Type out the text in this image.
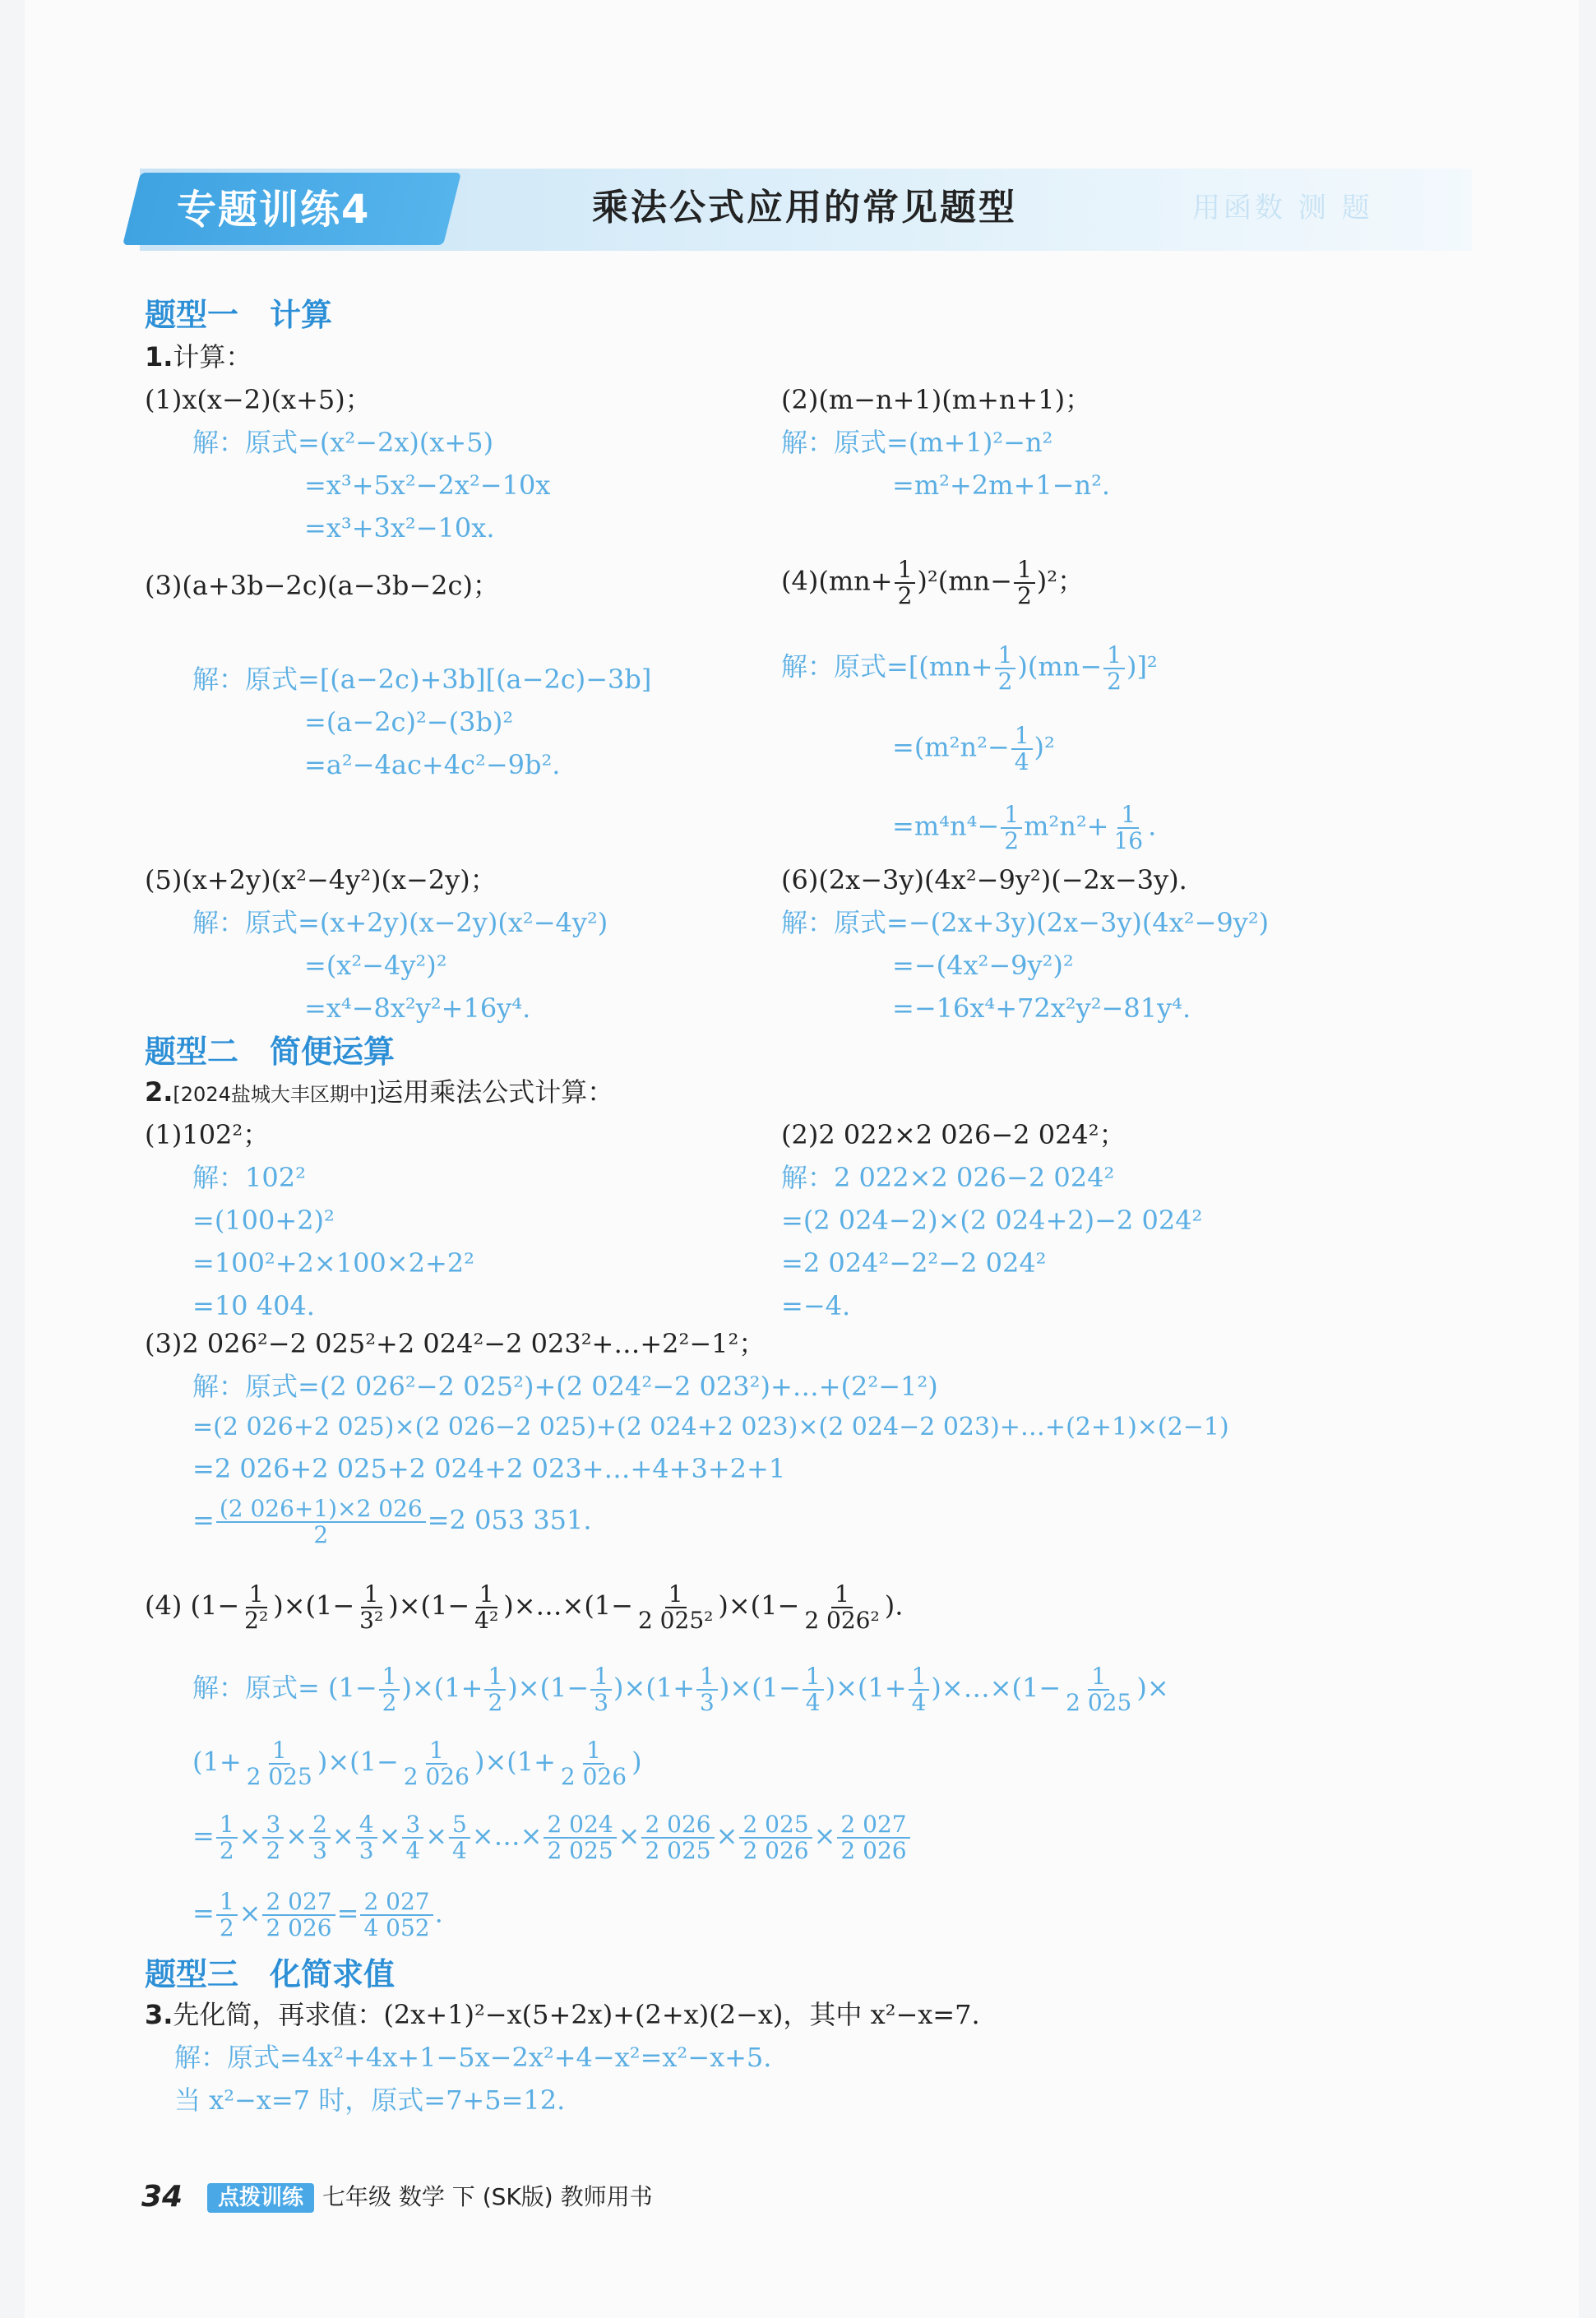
专题训练4	乘法公式应用的常见题型	用函数 测 题
题型一　计算
1.计算：
(1)x(x−2)(x+5)；
解：原式=(x²−2x)(x+5)
=x³+5x²−2x²−10x
=x³+3x²−10x.
(2)(m−n+1)(m+n+1)；
解：原式=(m+1)²−n²
=m²+2m+1−n².
(3)(a+3b−2c)(a−3b−2c)；
解：原式=[(a−2c)+3b][(a−2c)−3b]
=(a−2c)²−(3b)²
=a²−4ac+4c²−9b².
$(4)(mn+ \frac{1}{2} )^2(mn- \frac{1}{2} )^2$；
解：原式$=[(mn+ \frac{1}{2} )(mn- \frac{1}{2} )]^2$
$=(m^2n^2- \frac{1}{4} )^2$
$=m^4n^4- \frac{1}{2} m^2n^2+ \frac{1}{16}$ .
(5)(x+2y)(x²−4y²)(x−2y)；
解：原式=(x+2y)(x−2y)(x²−4y²)
=(x²−4y²)²
=x⁴−8x²y²+16y⁴.
(6)(2x−3y)(4x²−9y²)(−2x−3y).
解：原式=−(2x+3y)(2x−3y)(4x²−9y²)
=−(4x²−9y²)²
=−16x⁴+72x²y²−81y⁴.
题型二　简便运算
2.[2024盐城大丰区期中]运用乘法公式计算：
(1)102²；
解：102²
=(100+2)²
=100²+2×100×2+2²
=10 404.
(2)2 022×2 026−2 024²；
解：2 022×2 026−2 024²
=(2 024−2)×(2 024+2)−2 024²
=2 024²−2²−2 024²
=−4.
(3)2 026²−2 025²+2 024²−2 023²+…+2²−1²；
解：原式=(2 026²−2 025²)+(2 024²−2 023²)+…+(2²−1²)
=(2 026+2 025)×(2 026−2 025)+(2 024+2 023)×(2 024−2 023)+…+(2+1)×(2−1)
=2 026+2 025+2 024+2 023+…+4+3+2+1
= $\frac{(2 026+1)\times 2 026}{2} =2$ 053 351.
(4) $(1- \frac{1}{\text{2²}} )\times(1- \frac{1}{\text{3²}} )\times(1- \frac{1}{\text{4²}}$ )×…×(1− $\frac{1}{\text{2 025²}} )\times(1- \frac{1}{\text{2 026²}}$ ).
解：原式= $(1- \frac{1}{2} )\times(1+ \frac{1}{2} )\times(1- \frac{1}{3} )\times(1+ \frac{1}{3} )\times(1- \frac{1}{4} )\times(1+ \frac{1}{4}$ )×…×(1− $\frac{1}{2 025}$ )×
$(1+ \frac{1}{2 025} )\times(1- \frac{1}{2 026} )\times(1+ \frac{1}{2 026}$ )
= $\frac{1}{2} \times \frac{3}{2} \times \frac{2}{3} \times \frac{4}{3} \times \frac{3}{4} \times \frac{5}{4}$ ×…× $\frac{2 024}{2 025} \times \frac{2 026}{2 025} \times \frac{2 025}{2 026} \times \frac{2 027}{2 026}$
= $\frac{1}{2} \times \frac{2 027}{2 026} = \frac{2 027}{4 052}$ .
题型三　化简求值
3.先化简，再求值：(2x+1)²−x(5+2x)+(2+x)(2−x)，其中 x²−x=7.
解：原式=4x²+4x+1−5x−2x²+4−x²=x²−x+5.
当 x²−x=7 时，原式=7+5=12.
34	点拨训练 七年级 数学 下 (SK版) 教师用书
